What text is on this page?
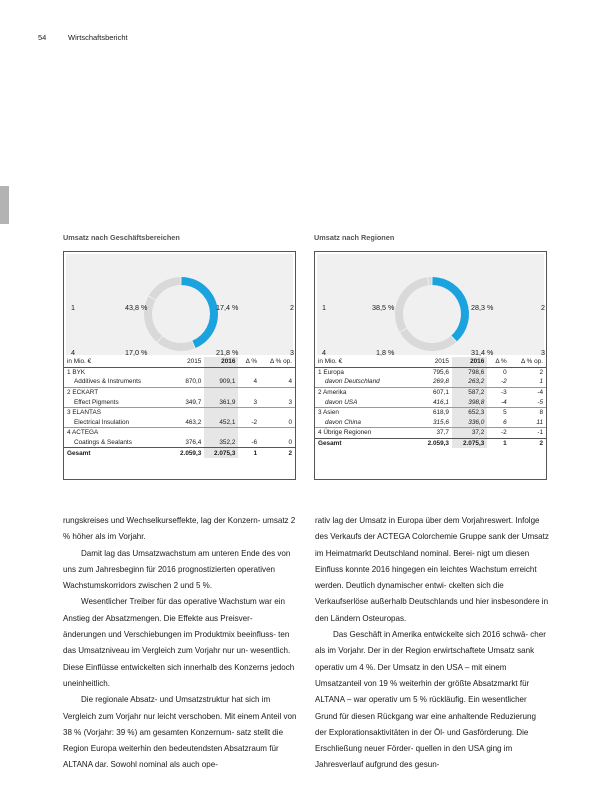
54	Wirtschaftsbericht
Umsatz nach Geschäftsbereichen
1	43,8 %	2
17,4 %
3
21,8 %
4	17,0 %
in Mio. €	2015	2016	Δ %	Δ % op.
1 BYK				
Additives & Instruments	870,0	909,1	4	4
2 ECKART				
Effect Pigments	349,7	361,9	3	3
3 ELANTAS				
Electrical Insulation	463,2	452,1	-2	0
4 ACTEGA				
Coatings & Sealants	376,4	352,2	-6	0
Gesamt	2.059,3	2.075,3	1	2
Umsatz nach Regionen
1	38,5 %	2
28,3 %
3
31,4 %
4	1,8 %
in Mio. €	2015	2016	Δ %	Δ % op.
1 Europa	795,6	798,6	0	2
davon Deutschland	269,8	263,2	-2	1
2 Amerika	607,1	587,2	-3	-4
davon USA	416,1	398,8	-4	-5
3 Asien	618,9	652,3	5	8
davon China	315,6	336,0	6	11
4 Übrige Regionen	37,7	37,2	-2	-1
Gesamt	2.059,3	2.075,3	1	2

rungskreises und Wechselkurseffekte, lag der Konzern- umsatz 2 % höher als im Vorjahr.

Damit lag das Umsatzwachstum am unteren Ende des von uns zum Jahresbeginn für 2016 prognostizierten operativen Wachstumskorridors zwischen 2 und 5 %.

Wesentlicher Treiber für das operative Wachstum war ein Anstieg der Absatzmengen. Die Effekte aus Preisver- änderungen und Verschiebungen im Produktmix beeinfluss- ten das Umsatzniveau im Vergleich zum Vorjahr nur un- wesentlich. Diese Einflüsse entwickelten sich innerhalb des Konzerns jedoch uneinheitlich.

Die regionale Absatz- und Umsatzstruktur hat sich im Vergleich zum Vorjahr nur leicht verschoben. Mit einem Anteil von 38 % (Vorjahr: 39 %) am gesamten Konzernum- satz stellt die Region Europa weiterhin den bedeutendsten Absatzraum für ALTANA dar. Sowohl nominal als auch ope-

rativ lag der Umsatz in Europa über dem Vorjahreswert. Infolge des Verkaufs der ACTEGA Colorchemie Gruppe sank der Umsatz im Heimatmarkt Deutschland nominal. Berei- nigt um diesen Einfluss konnte 2016 hingegen ein leichtes Wachstum erreicht werden. Deutlich dynamischer entwi- ckelten sich die Verkaufserlöse außerhalb Deutschlands und hier insbesondere in den Ländern Osteuropas.

Das Geschäft in Amerika entwickelte sich 2016 schwä- cher als im Vorjahr. Der in der Region erwirtschaftete Umsatz sank operativ um 4 %. Der Umsatz in den USA – mit einem Umsatzanteil von 19 % weiterhin der größte Absatzmarkt für ALTANA – war operativ um 5 % rückläufig. Ein wesentlicher Grund für diesen Rückgang war eine anhaltende Reduzierung der Explorationsaktivitäten in der Öl- und Gasförderung. Die Erschließung neuer Förder- quellen in den USA ging im Jahresverlauf aufgrund des gesun-
